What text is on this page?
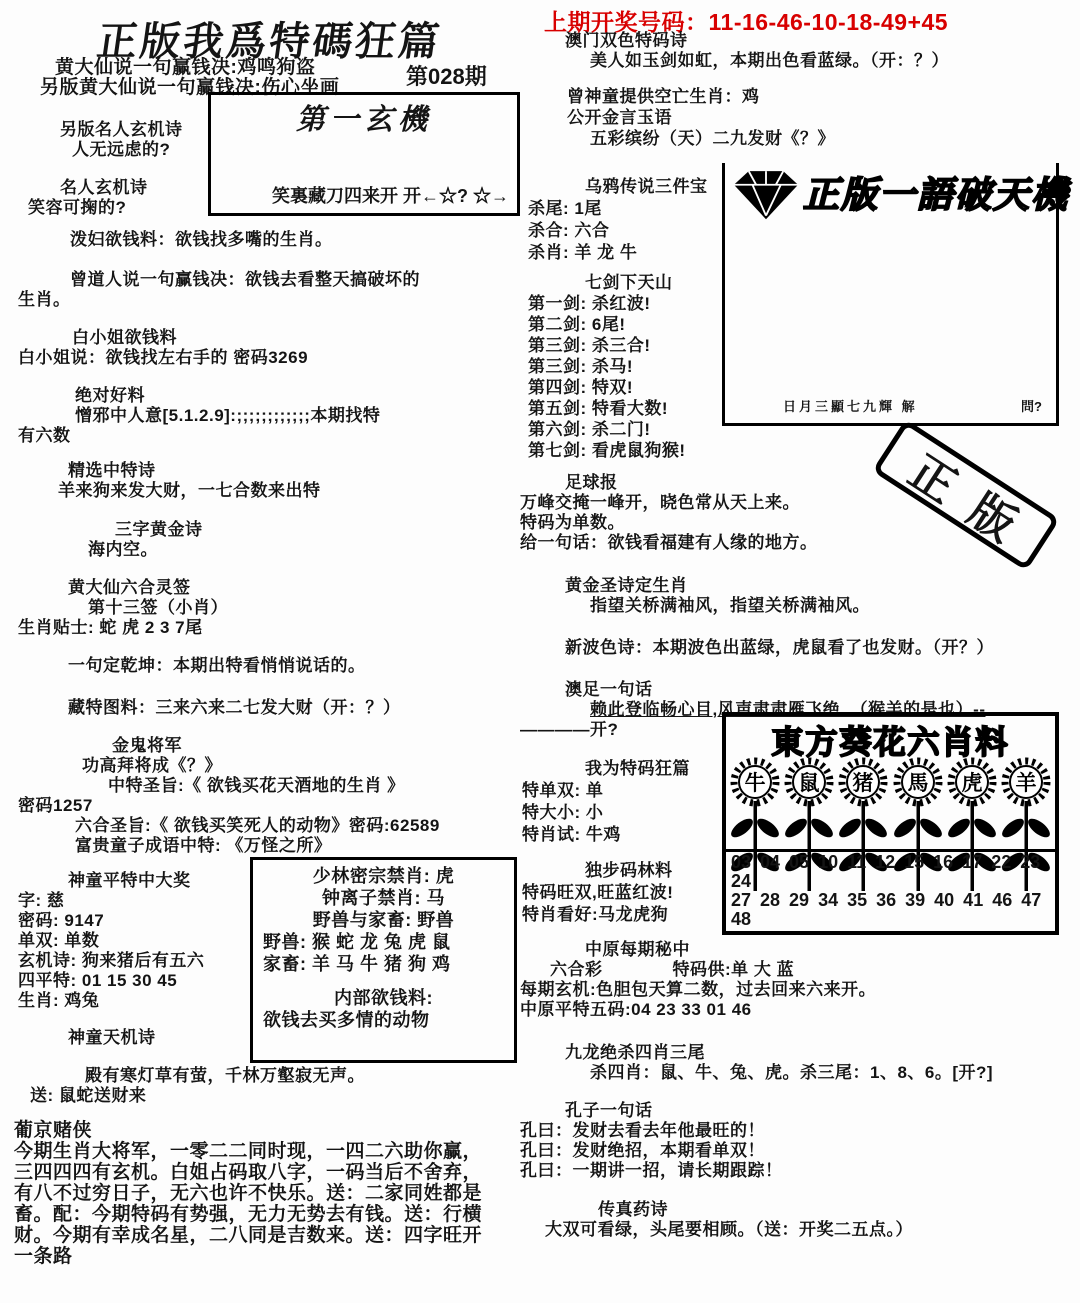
上期开奖号码：11-16-46-10-18-49+45
正版我爲特碼狂篇
第028期

黄大仙说一句赢钱决:鸡鸣狗盗

另版黄大仙说一句赢钱决:伤心坐画

第一玄機

笑裏藏刀四来开 开←☆? ☆→

另版名人玄机诗

人无远虑的?

名人玄机诗

笑容可掬的?

泼妇欲钱料：欲钱找多嘴的生肖。

曾道人说一句赢钱决：欲钱去看整天搞破坏的

生肖。

白小姐欲钱料

白小姐说：欲钱找左右手的 密码3269

绝对好料

憎邪中人意[5.1.2.9]:;;;;;;;;;;;;本期找特

有六数

精选中特诗

羊来狗来发大财，一七合数来出特

三字黄金诗

海内空。

黄大仙六合灵签

第十三签（小肖）

生肖贴士: 蛇 虎 2 3 7尾

一句定乾坤：本期出特看悄悄说话的。

藏特图料：三来六来二七发大财（开：？）

金鬼将军

功高拜将成《？》

中特圣旨:《 欲钱买花天酒地的生肖 》

密码1257

六合圣旨:《 欲钱买笑死人的动物》密码:62589

富贵童子成语中特: 《万怪之所》

神童平特中大奖

字: 慈

密码: 9147

单双: 单数

玄机诗: 狗来猪后有五六

四平特: 01 15 30 45

生肖: 鸡兔

少林密宗禁肖: 虎

钟离子禁肖: 马

野兽与家畜: 野兽

野兽: 猴 蛇 龙 兔 虎 鼠

家畜: 羊 马 牛 猪 狗 鸡

内部欲钱料:

欲钱去买多情的动物

神童天机诗

殿有寒灯草有萤，千林万壑寂无声。

送: 鼠蛇送财来

葡京赌侠

今期生肖大将军，一零二二同时现，一四二六助你赢，

三四四四有玄机。白姐占码取八字，一码当后不舍弃，

有八不过穷日子，无六也许不快乐。送：二家同姓都是

畜。配：今期特码有势强，无力无势去有钱。送：行横

财。今期有幸成名星，二八同是吉数来。送：四字旺开

一条路

乌鸦传说三件宝

杀尾: 1尾

杀合: 六合

杀肖: 羊 龙 牛

七剑下天山

第一剑: 杀红波!

第二剑: 6尾!

第三剑: 杀三合!

第三剑: 杀马!

第四剑: 特双!

第五剑: 特看大数!

第六剑: 杀二门!

第七剑: 看虎鼠狗猴!

足球报

万峰交掩一峰开，晓色常从天上来。

特码为单数。

给一句话：欲钱看福建有人缘的地方。

黄金圣诗定生肖

指望关桥满袖风，指望关桥满袖风。

新波色诗：本期波色出蓝绿，虎鼠看了也发财。（开？）

澳足一句话

赖此登临畅心目,风声肃肃雁飞绝. （猴羊的是也）--

————开?

我为特码狂篇

特单双: 单

特大小: 小

特肖试: 牛鸡

独步码林料

特码旺双,旺蓝红波!

特肖看好:马龙虎狗

中原每期秘中

六合彩　　　　特码供:单 大 蓝

每期玄机:色胆包天算二数，过去回来六来开。

中原平特五码:04 23 33 01 46

九龙绝杀四肖三尾

杀四肖：鼠、牛、兔、虎。杀三尾：1、8、6。[开?]

孔子一句话

孔曰：发财去看去年他最旺的！

孔曰：发财绝招，本期看单双！

孔曰：一期讲一招，请长期跟踪！

传真药诗

大双可看绿，头尾要相顾。（送：开奖二五点。）

澳门双色特码诗

美人如玉剑如虹，本期出色看蓝绿。（开：？）

曾神童提供空亡生肖：鸡

公开金言玉语

五彩缤纷（天）二九发财《？》

正版一語破天機
日月三顯七九輝 解	問?
正版

東方葵花六肖料

牛 鼠 猪 馬 虎 羊
03 04 05 10 11 12 15 16 17 22 23 24
27 28 29 34 35 36 39 40 41 46 47 48
